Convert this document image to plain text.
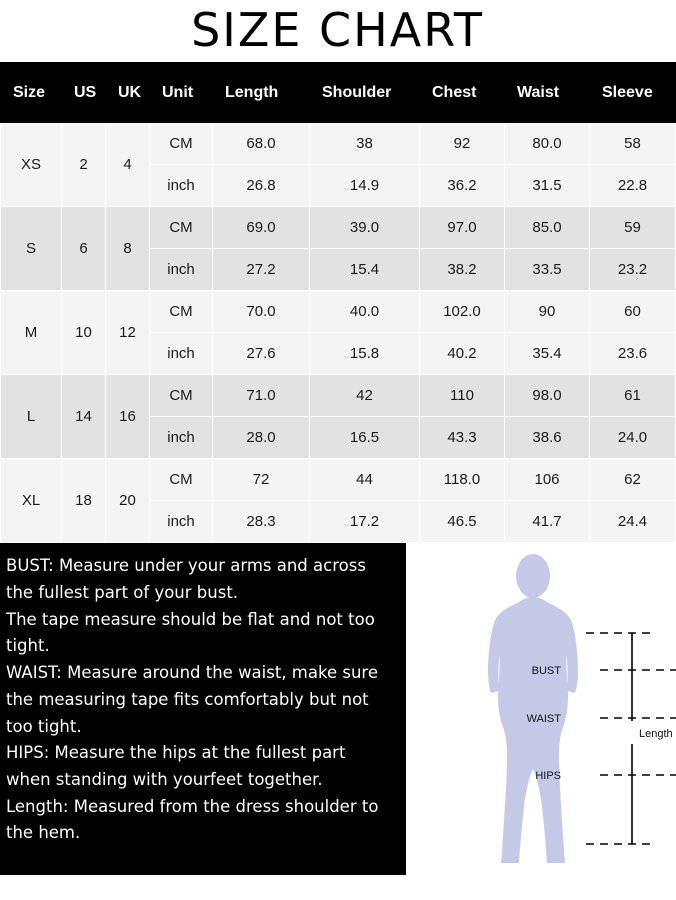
SIZE CHART
Size	US	UK	Unit	Length	Shoulder	Chest	Waist	Sleeve
XS	2	4	CM	68.0	38	92	80.0	58
			inch	26.8	14.9	36.2	31.5	22.8
S	6	8	CM	69.0	39.0	97.0	85.0	59
			inch	27.2	15.4	38.2	33.5	23.2
M	10	12	CM	70.0	40.0	102.0	90	60
			inch	27.6	15.8	40.2	35.4	23.6
L	14	16	CM	71.0	42	110	98.0	61
			inch	28.0	16.5	43.3	38.6	24.0
XL	18	20	CM	72	44	118.0	106	62
			inch	28.3	17.2	46.5	41.7	24.4

BUST: Measure under your arms and across

the fullest part of your bust.

The tape measure should be flat and not too

tight.

WAIST: Measure around the waist, make sure

the measuring tape fits comfortably but not

too tight.

HIPS: Measure the hips at the fullest part

when standing with yourfeet together.

Length: Measured from the dress shoulder to

the hem.

BUST
WAIST
HIPS
Length
